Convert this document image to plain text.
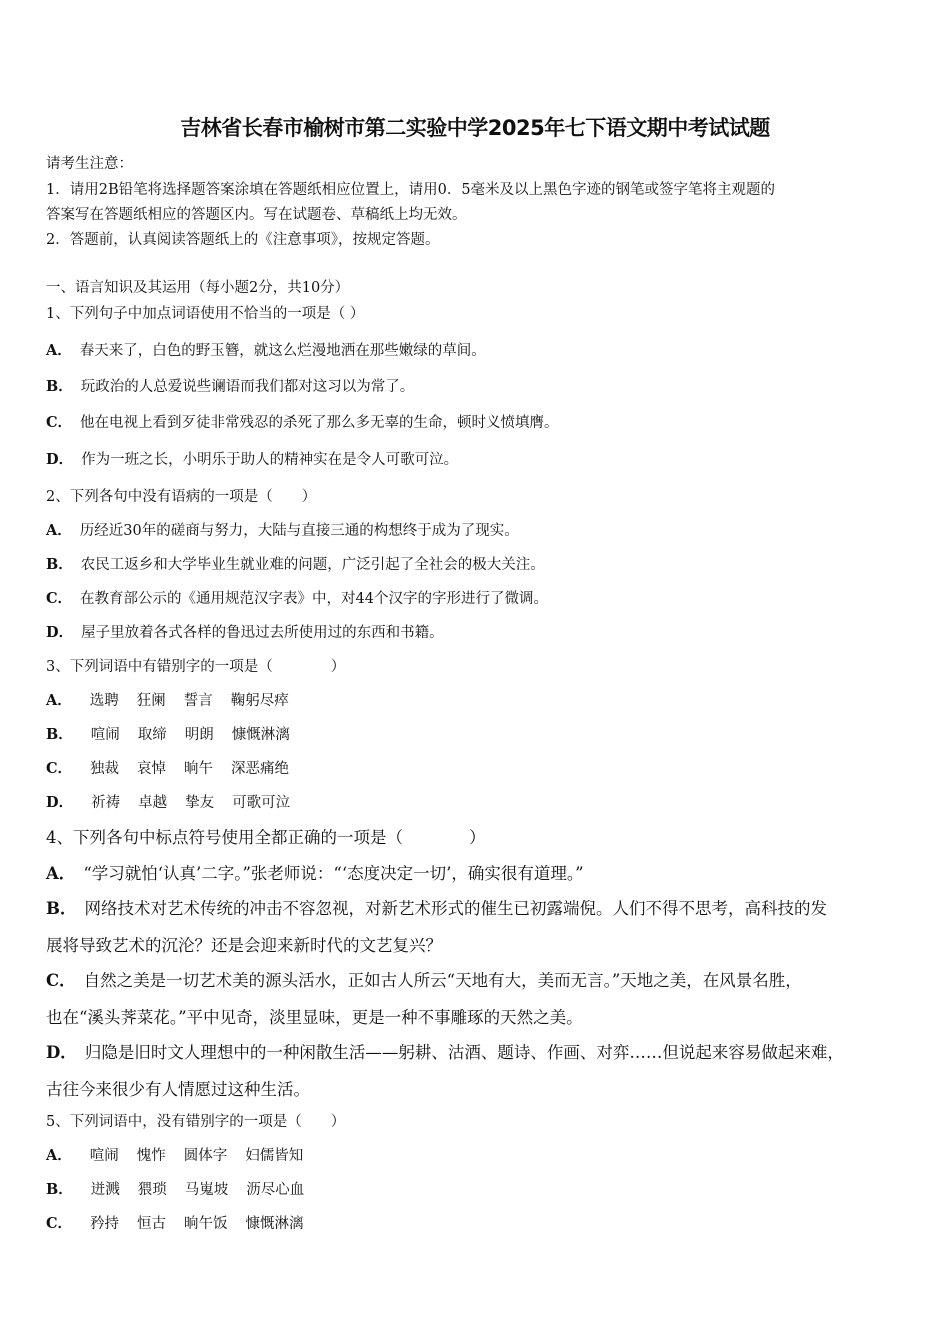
吉林省长春市榆树市第二实验中学2025年七下语文期中考试试题
请考生注意：
1．请用2B铅笔将选择题答案涂填在答题纸相应位置上，请用0．5毫米及以上黑色字迹的钢笔或签字笔将主观题的
答案写在答题纸相应的答题区内。写在试题卷、草稿纸上均无效。
2．答题前，认真阅读答题纸上的《注意事项》，按规定答题。
一、语言知识及其运用（每小题2分，共10分）
1、下列句子中加点词语使用不恰当的一项是（ ）
A． 春天来了，白色的野玉簪，就这么烂漫地洒在那些嫩绿的草间。
B． 玩政治的人总爱说些谰语而我们都对这习以为常了。
C． 他在电视上看到歹徒非常残忍的杀死了那么多无辜的生命，顿时义愤填膺。
D． 作为一班之长，小明乐于助人的精神实在是令人可歌可泣。
2、下列各句中没有语病的一项是（　　）
A． 历经近30年的磋商与努力，大陆与直接三通的构想终于成为了现实。
B． 农民工返乡和大学毕业生就业难的问题，广泛引起了全社会的极大关注。
C． 在教育部公示的《通用规范汉字表》中，对44个汉字的字形进行了微调。
D． 屋子里放着各式各样的鲁迅过去所使用过的东西和书籍。
3、下列词语中有错别字的一项是（　　　　）
A． 选聘 狂阑 誓言 鞠躬尽瘁
B． 喧闹 取缔 明朗 慷慨淋漓
C． 独裁 哀悼 晌午 深恶痛绝
D． 祈祷 卓越 挚友 可歌可泣
4、下列各句中标点符号使用全都正确的一项是（　　　　）
A． “学习就怕‘认真’二字。”张老师说：“‘态度决定一切’，确实很有道理。”
B． 网络技术对艺术传统的冲击不容忽视，对新艺术形式的催生已初露端倪。人们不得不思考，高科技的发
展将导致艺术的沉沦？还是会迎来新时代的文艺复兴？
C． 自然之美是一切艺术美的源头活水，正如古人所云“天地有大，美而无言。”天地之美，在风景名胜，
也在“溪头荠菜花。”平中见奇，淡里显味，更是一种不事雕琢的天然之美。
D． 归隐是旧时文人理想中的一种闲散生活——躬耕、沽酒、题诗、作画、对弈……但说起来容易做起来难，
古往今来很少有人情愿过这种生活。
5、下列词语中，没有错别字的一项是（　　）
A． 喧闹 愧怍 圆体字 妇儒皆知
B． 迸溅 猥琐 马嵬坡 沥尽心血
C． 矜持 恒古 晌午饭 慷慨淋漓
